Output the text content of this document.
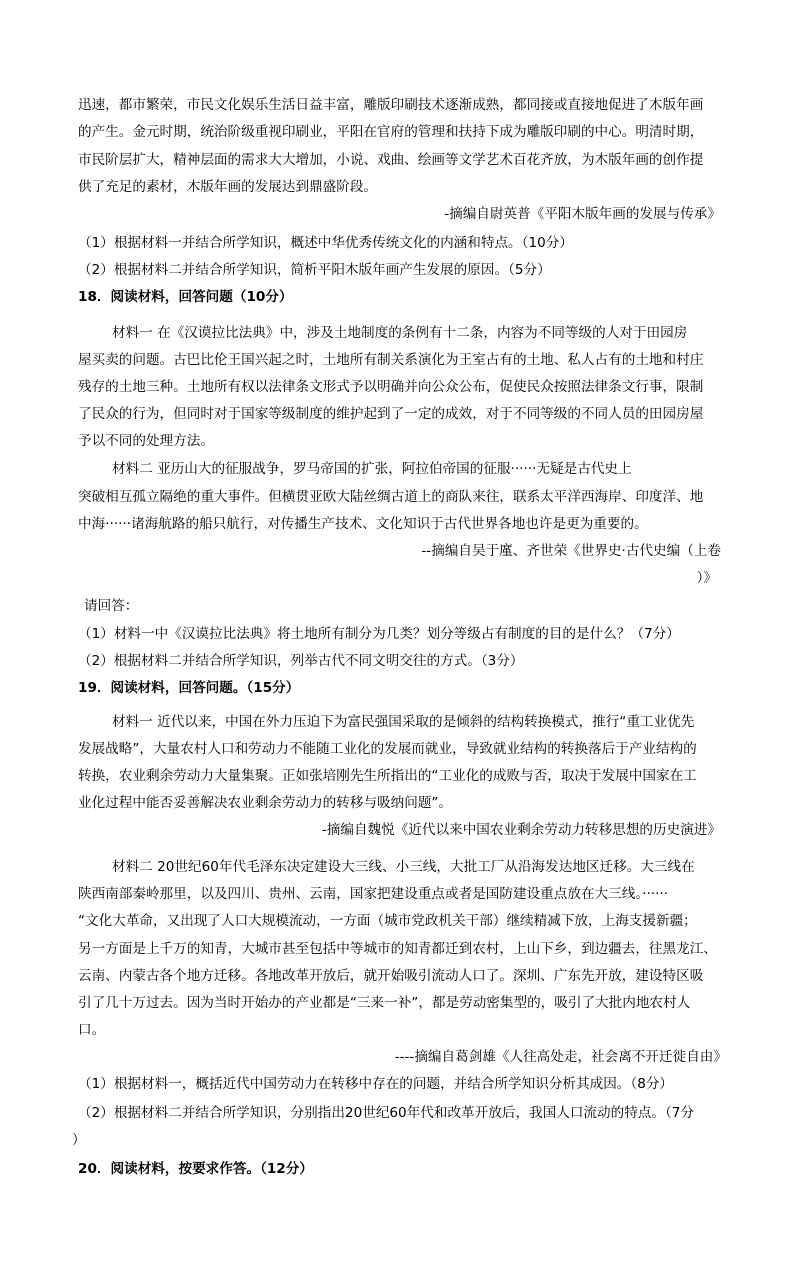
迅速，都市繁荣，市民文化娱乐生活日益丰富，雕版印刷技术逐渐成熟，都同接或直接地促进了木版年画
的产生。金元时期，统治阶级重视印刷业，平阳在官府的管理和扶持下成为雕版印刷的中心。明清时期，
市民阶层扩大，精神层面的需求大大增加，小说、戏曲、绘画等文学艺术百花齐放，为木版年画的创作提
供了充足的素材，木版年画的发展达到鼎盛阶段。
-摘编自尉英普《平阳木版年画的发展与传承》
（1）根据材料一并结合所学知识，概述中华优秀传统文化的内涵和特点。（10分）
（2）根据材料二并结合所学知识，简析平阳木版年画产生发展的原因。（5分）
18．阅读材料，回答问题（10分）
材料一 在《汉谟拉比法典》中，涉及土地制度的条例有十二条，内容为不同等级的人对于田园房
屋买卖的问题。古巴比伦王国兴起之时，土地所有制关系演化为王室占有的土地、私人占有的土地和村庄
残存的土地三种。土地所有权以法律条文形式予以明确并向公众公布，促使民众按照法律条文行事，限制
了民众的行为，但同时对于国家等级制度的维护起到了一定的成效，对于不同等级的不同人员的田园房屋
予以不同的处理方法。
材料二 亚历山大的征服战争，罗马帝国的扩张，阿拉伯帝国的征服······无疑是古代史上
突破相互孤立隔绝的重大事件。但横贯亚欧大陆丝绸古道上的商队来往，联系太平洋西海岸、印度洋、地
中海······诸海航路的船只航行，对传播生产技术、文化知识于古代世界各地也许是更为重要的。
--摘编自吴于廑、齐世荣《世界史·古代史编（上卷
）》
请回答：
（1）材料一中《汉谟拉比法典》将土地所有制分为几类？划分等级占有制度的目的是什么？（7分）
（2）根据材料二并结合所学知识，列举古代不同文明交往的方式。（3分）
19．阅读材料，回答问题。（15分）
材料一 近代以来，中国在外力压迫下为富民强国采取的是倾斜的结构转换模式，推行“重工业优先
发展战略”，大量农村人口和劳动力不能随工业化的发展而就业，导致就业结构的转换落后于产业结构的
转换，农业剩余劳动力大量集聚。正如张培刚先生所指出的“工业化的成败与否，取决于发展中国家在工
业化过程中能否妥善解决农业剩余劳动力的转移与吸纳问题”。
-摘编自魏悦《近代以来中国农业剩余劳动力转移思想的历史演进》
材料二 20世纪60年代毛泽东决定建设大三线、小三线，大批工厂从沿海发达地区迁移。大三线在
陕西南部秦岭那里，以及四川、贵州、云南，国家把建设重点或者是国防建设重点放在大三线。······
“文化大革命，又出现了人口大规模流动，一方面（城市党政机关干部）继续精减下放，上海支援新疆；
另一方面是上千万的知青，大城市甚至包括中等城市的知青都迁到农村，上山下乡，到边疆去，往黑龙江、
云南、内蒙古各个地方迁移。各地改革开放后，就开始吸引流动人口了。深圳、广东先开放，建设特区吸
引了几十万过去。因为当时开始办的产业都是“三来一补”，都是劳动密集型的，吸引了大批内地农村人
口。
----摘编自葛剑雄《人往高处走，社会离不开迁徙自由》
（1）根据材料一，概括近代中国劳动力在转移中存在的问题，并结合所学知识分析其成因。（8分）
（2）根据材料二并结合所学知识，分别指出20世纪60年代和改革开放后，我国人口流动的特点。（7分
）
20．阅读材料，按要求作答。（12分）
